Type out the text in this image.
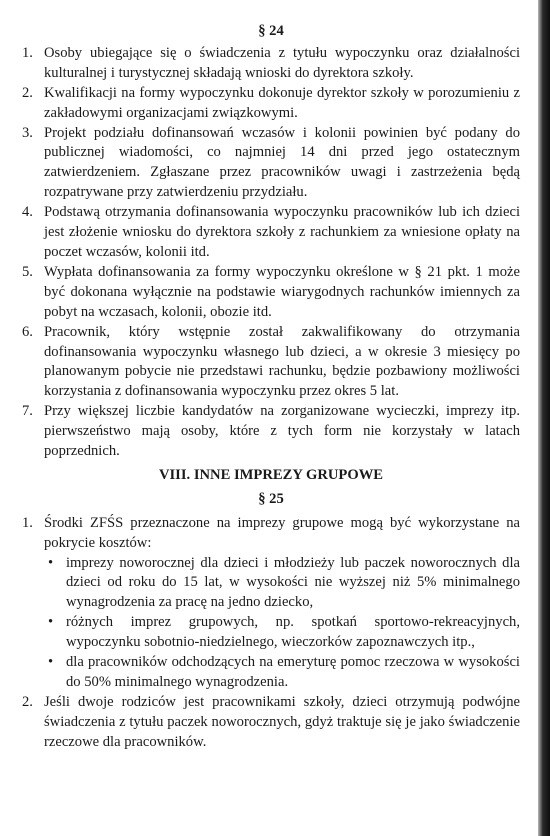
§ 24

1. Osoby ubiegające się o świadczenia z tytułu wypoczynku oraz działalności kulturalnej i turystycznej składają wnioski do dyrektora szkoły.
2. Kwalifikacji na formy wypoczynku dokonuje dyrektor szkoły w porozumieniu z zakładowymi organizacjami związkowymi.
3. Projekt podziału dofinansowań wczasów i kolonii powinien być podany do publicznej wiadomości, co najmniej 14 dni przed jego ostatecznym zatwierdzeniem. Zgłaszane przez pracowników uwagi i zastrzeżenia będą rozpatrywane przy zatwierdzeniu przydziału.
4. Podstawą otrzymania dofinansowania wypoczynku pracowników lub ich dzieci jest złożenie wniosku do dyrektora szkoły z rachunkiem za wniesione opłaty na poczet wczasów, kolonii itd.
5. Wypłata dofinansowania za formy wypoczynku określone w § 21 pkt. 1 może być dokonana wyłącznie na podstawie wiarygodnych rachunków imiennych za pobyt na wczasach, kolonii, obozie itd.
6. Pracownik, który wstępnie został zakwalifikowany do otrzymania dofinansowania wypoczynku własnego lub dzieci, a w okresie 3 miesięcy po planowanym pobycie nie przedstawi rachunku, będzie pozbawiony możliwości korzystania z dofinansowania wypoczynku przez okres 5 lat.
7. Przy większej liczbie kandydatów na zorganizowane wycieczki, imprezy itp. pierwszeństwo mają osoby, które z tych form nie korzystały w latach poprzednich.

VIII. INNE IMPREZY GRUPOWE

§ 25

1. Środki ZFŚS przeznaczone na imprezy grupowe mogą być wykorzystane na pokrycie kosztów:
• imprezy noworocznej dla dzieci i młodzieży lub paczek noworocznych dla dzieci od roku do 15 lat, w wysokości nie wyższej niż 5% minimalnego wynagrodzenia za pracę na jedno dziecko,
• różnych imprez grupowych, np. spotkań sportowo-rekreacyjnych, wypoczynku sobotnio-niedzielnego, wieczorków zapoznawczych itp.,
• dla pracowników odchodzących na emeryturę pomoc rzeczowa w wysokości do 50% minimalnego wynagrodzenia.
2. Jeśli dwoje rodziców jest pracownikami szkoły, dzieci otrzymują podwójne świadczenia z tytułu paczek noworocznych, gdyż traktuje się je jako świadczenie rzeczowe dla pracowników.
